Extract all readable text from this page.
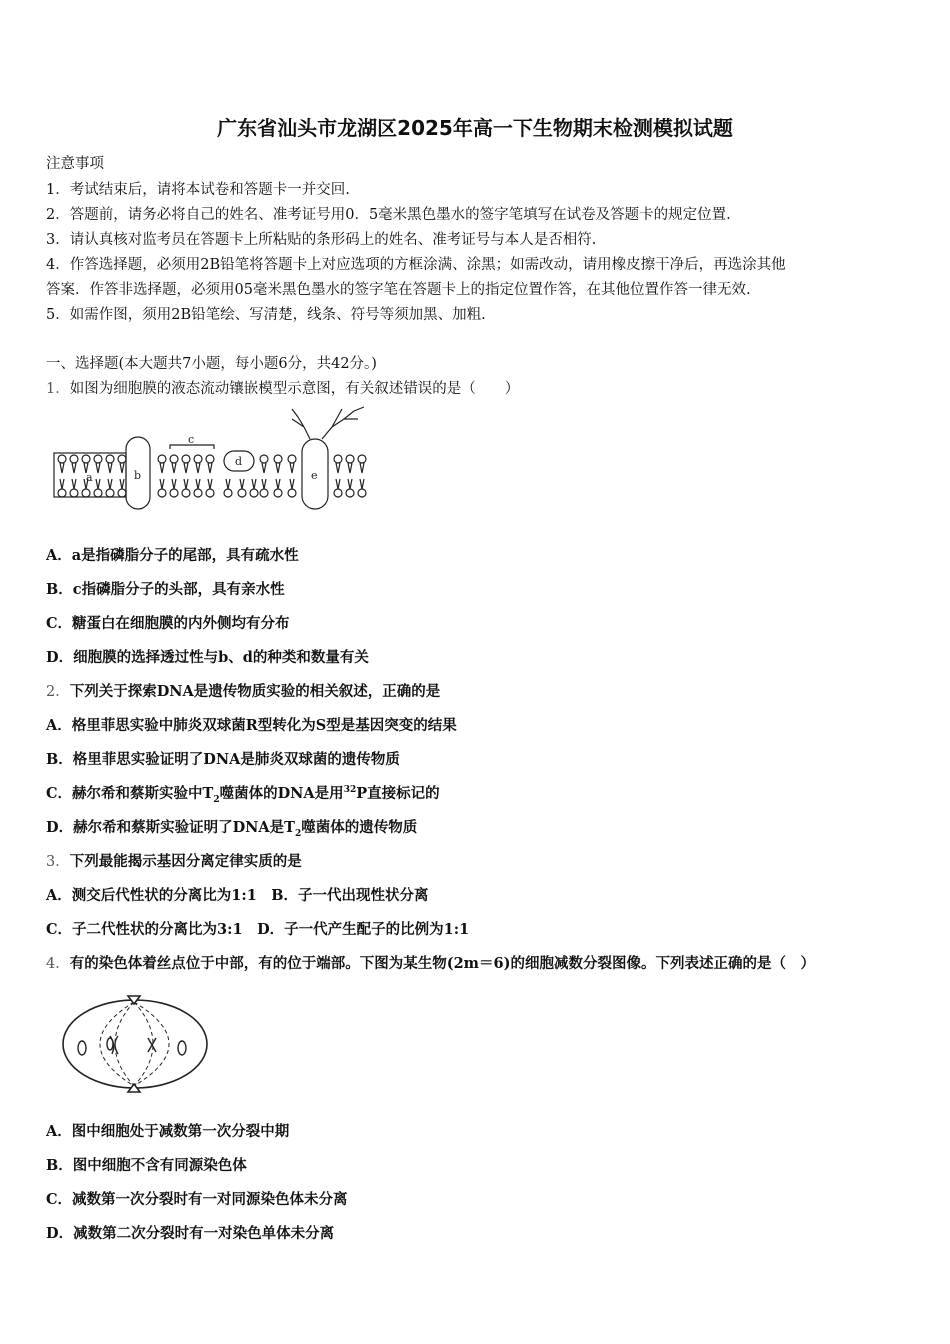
广东省汕头市龙湖区2025年高一下生物期末检测模拟试题
注意事项
1．考试结束后，请将本试卷和答题卡一并交回.
2．答题前，请务必将自己的姓名、准考证号用0．5毫米黑色墨水的签字笔填写在试卷及答题卡的规定位置.
3．请认真核对监考员在答题卡上所粘贴的条形码上的姓名、准考证号与本人是否相符.
4．作答选择题，必须用2B铅笔将答题卡上对应选项的方框涂满、涂黑；如需改动，请用橡皮擦干净后，再选涂其他
答案．作答非选择题，必须用05毫米黑色墨水的签字笔在答题卡上的指定位置作答，在其他位置作答一律无效.
5．如需作图，须用2B铅笔绘、写清楚，线条、符号等须加黑、加粗.
一、选择题(本大题共7小题，每小题6分，共42分。)
1．如图为细胞膜的液态流动镶嵌模型示意图，有关叙述错误的是（　　）
a	b
c
d
e
A．a是指磷脂分子的尾部，具有疏水性
B．c指磷脂分子的头部，具有亲水性
C．糖蛋白在细胞膜的内外侧均有分布
D．细胞膜的选择透过性与b、d的种类和数量有关
2．下列关于探索DNA是遗传物质实验的相关叙述，正确的是
A．格里菲思实验中肺炎双球菌R型转化为S型是基因突变的结果
B．格里菲思实验证明了DNA是肺炎双球菌的遗传物质
C．赫尔希和蔡斯实验中$T_2$噬菌体的DNA是用$^{32}$P直接标记的
D．赫尔希和蔡斯实验证明了DNA是$T_2$噬菌体的遗传物质
3．下列最能揭示基因分离定律实质的是
A．测交后代性状的分离比为1:1　B．子一代出现性状分离
C．子二代性状的分离比为3:1　D．子一代产生配子的比例为1:1
4．有的染色体着丝点位于中部，有的位于端部。下图为某生物(2m＝6)的细胞减数分裂图像。下列表述正确的是（　）
A．图中细胞处于减数第一次分裂中期
B．图中细胞不含有同源染色体
C．减数第一次分裂时有一对同源染色体未分离
D．减数第二次分裂时有一对染色单体未分离
